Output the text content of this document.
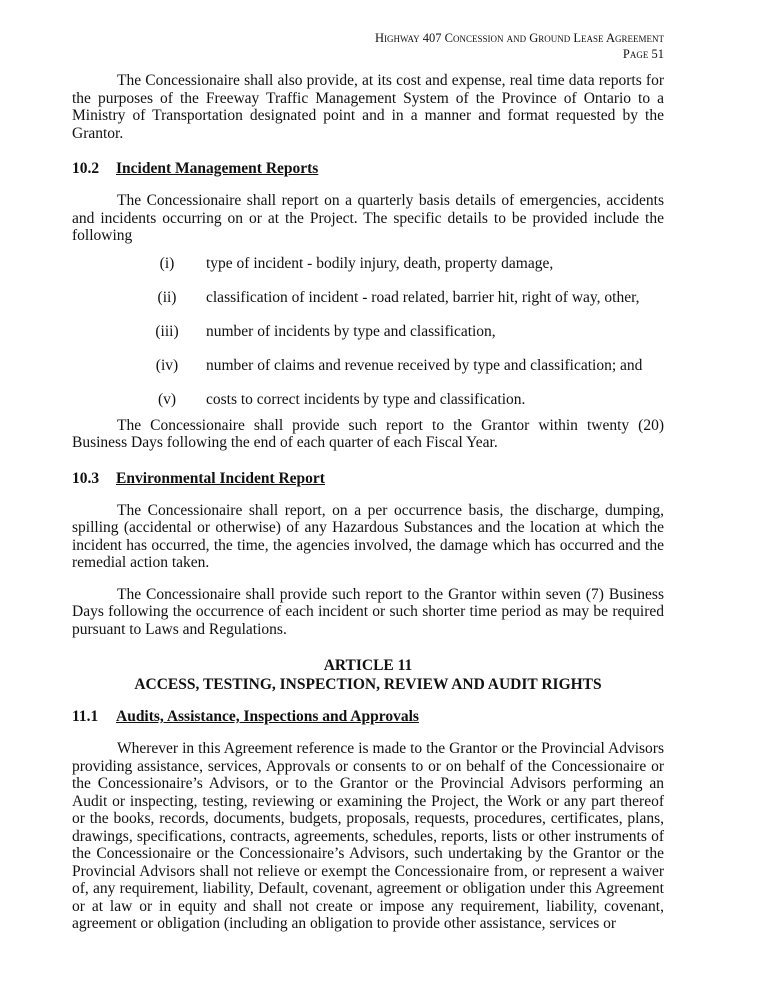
Highway 407 Concession and Ground Lease Agreement
Page 51

The Concessionaire shall also provide, at its cost and expense, real time data reports for the purposes of the Freeway Traffic Management System of the Province of Ontario to a Ministry of Transportation designated point and in a manner and format requested by the Grantor.

10.2 Incident Management Reports

The Concessionaire shall report on a quarterly basis details of emergencies, accidents and incidents occurring on or at the Project. The specific details to be provided include the following

(i)	type of incident - bodily injury, death, property damage,
(ii)	classification of incident - road related, barrier hit, right of way, other,
(iii)	number of incidents by type and classification,
(iv)	number of claims and revenue received by type and classification; and
(v)	costs to correct incidents by type and classification.

The Concessionaire shall provide such report to the Grantor within twenty (20) Business Days following the end of each quarter of each Fiscal Year.

10.3 Environmental Incident Report

The Concessionaire shall report, on a per occurrence basis, the discharge, dumping, spilling (accidental or otherwise) of any Hazardous Substances and the location at which the incident has occurred, the time, the agencies involved, the damage which has occurred and the remedial action taken.

The Concessionaire shall provide such report to the Grantor within seven (7) Business Days following the occurrence of each incident or such shorter time period as may be required pursuant to Laws and Regulations.

ARTICLE 11
ACCESS, TESTING, INSPECTION, REVIEW AND AUDIT RIGHTS
11.1 Audits, Assistance, Inspections and Approvals

Wherever in this Agreement reference is made to the Grantor or the Provincial Advisors providing assistance, services, Approvals or consents to or on behalf of the Concessionaire or the Concessionaire’s Advisors, or to the Grantor or the Provincial Advisors performing an Audit or inspecting, testing, reviewing or examining the Project, the Work or any part thereof or the books, records, documents, budgets, proposals, requests, procedures, certificates, plans, drawings, specifications, contracts, agreements, schedules, reports, lists or other instruments of the Concessionaire or the Concessionaire’s Advisors, such undertaking by the Grantor or the Provincial Advisors shall not relieve or exempt the Concessionaire from, or represent a waiver of, any requirement, liability, Default, covenant, agreement or obligation under this Agreement or at law or in equity and shall not create or impose any requirement, liability, covenant, agreement or obligation (including an obligation to provide other assistance, services or
